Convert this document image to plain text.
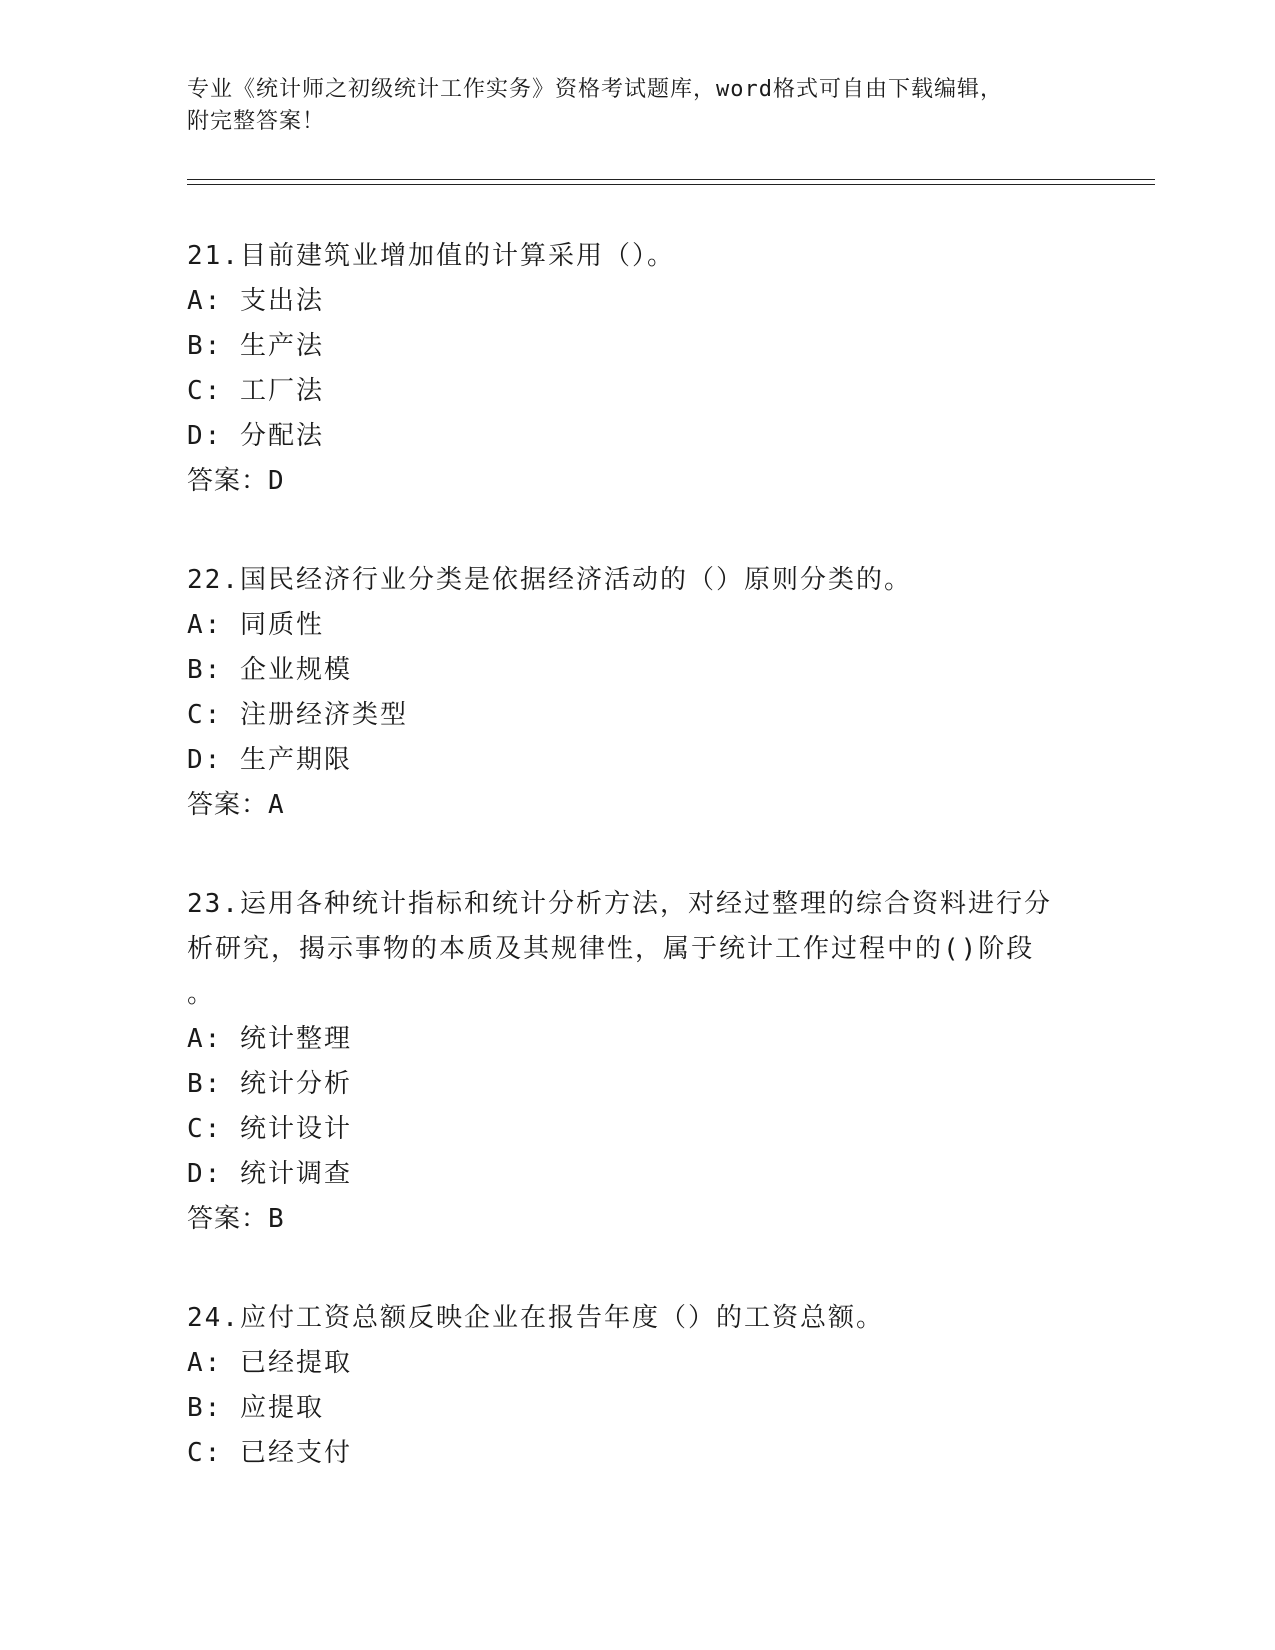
专业《统计师之初级统计工作实务》资格考试题库，word格式可自由下载编辑，
附完整答案！
21.目前建筑业增加值的计算采用（）。
A: 支出法
B: 生产法
C: 工厂法
D: 分配法
答案：D
22.国民经济行业分类是依据经济活动的（）原则分类的。
A: 同质性
B: 企业规模
C: 注册经济类型
D: 生产期限
答案：A
23.运用各种统计指标和统计分析方法，对经过整理的综合资料进行分
析研究，揭示事物的本质及其规律性，属于统计工作过程中的()阶段
。
A: 统计整理
B: 统计分析
C: 统计设计
D: 统计调查
答案：B
24.应付工资总额反映企业在报告年度（）的工资总额。
A: 已经提取
B: 应提取
C: 已经支付
